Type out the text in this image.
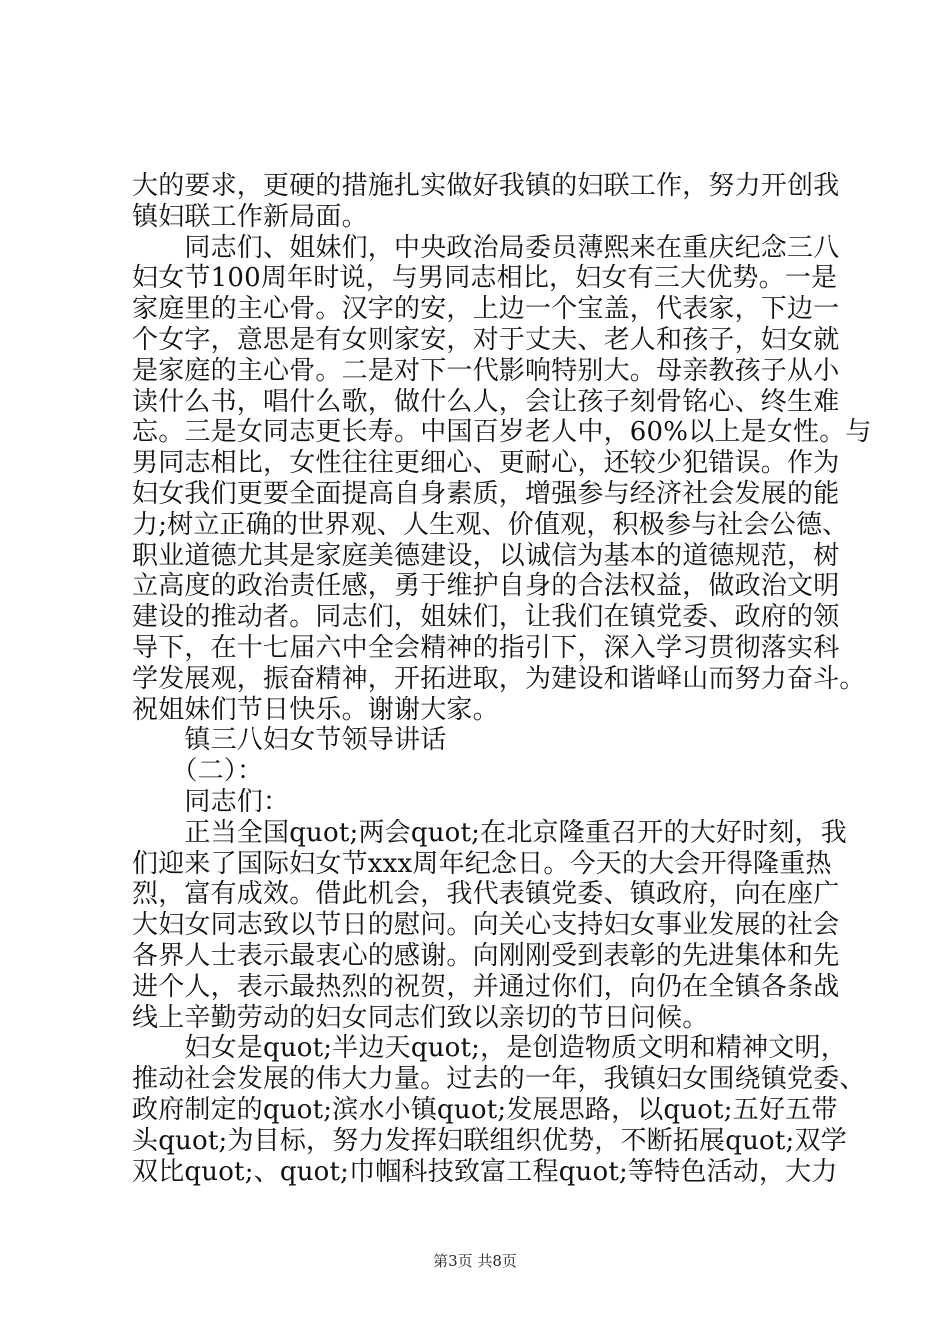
大的要求，更硬的措施扎实做好我镇的妇联工作，努力开创我
镇妇联工作新局面。
　　同志们、姐妹们，中央政治局委员薄熙来在重庆纪念三八
妇女节100周年时说，与男同志相比，妇女有三大优势。一是
家庭里的主心骨。汉字的安，上边一个宝盖，代表家，下边一
个女字，意思是有女则家安，对于丈夫、老人和孩子，妇女就
是家庭的主心骨。二是对下一代影响特别大。母亲教孩子从小
读什么书，唱什么歌，做什么人，会让孩子刻骨铭心、终生难
忘。三是女同志更长寿。中国百岁老人中，60%以上是女性。与
男同志相比，女性往往更细心、更耐心，还较少犯错误。作为
妇女我们更要全面提高自身素质，增强参与经济社会发展的能
力;树立正确的世界观、人生观、价值观，积极参与社会公德、
职业道德尤其是家庭美德建设，以诚信为基本的道德规范，树
立高度的政治责任感，勇于维护自身的合法权益，做政治文明
建设的推动者。同志们，姐妹们，让我们在镇党委、政府的领
导下，在十七届六中全会精神的指引下，深入学习贯彻落实科
学发展观，振奋精神，开拓进取，为建设和谐峄山而努力奋斗。
祝姐妹们节日快乐。谢谢大家。
　　镇三八妇女节领导讲话
　　（二）：
　　同志们：
　　正当全国quot;两会quot;在北京隆重召开的大好时刻，我
们迎来了国际妇女节xxx周年纪念日。今天的大会开得隆重热
烈，富有成效。借此机会，我代表镇党委、镇政府，向在座广
大妇女同志致以节日的慰问。向关心支持妇女事业发展的社会
各界人士表示最衷心的感谢。向刚刚受到表彰的先进集体和先
进个人，表示最热烈的祝贺，并通过你们，向仍在全镇各条战
线上辛勤劳动的妇女同志们致以亲切的节日问候。
　　妇女是quot;半边天quot;，是创造物质文明和精神文明，
推动社会发展的伟大力量。过去的一年，我镇妇女围绕镇党委、
政府制定的quot;滨水小镇quot;发展思路，以quot;五好五带
头quot;为目标，努力发挥妇联组织优势，不断拓展quot;双学
双比quot;、quot;巾帼科技致富工程quot;等特色活动，大力
第3页 共8页
